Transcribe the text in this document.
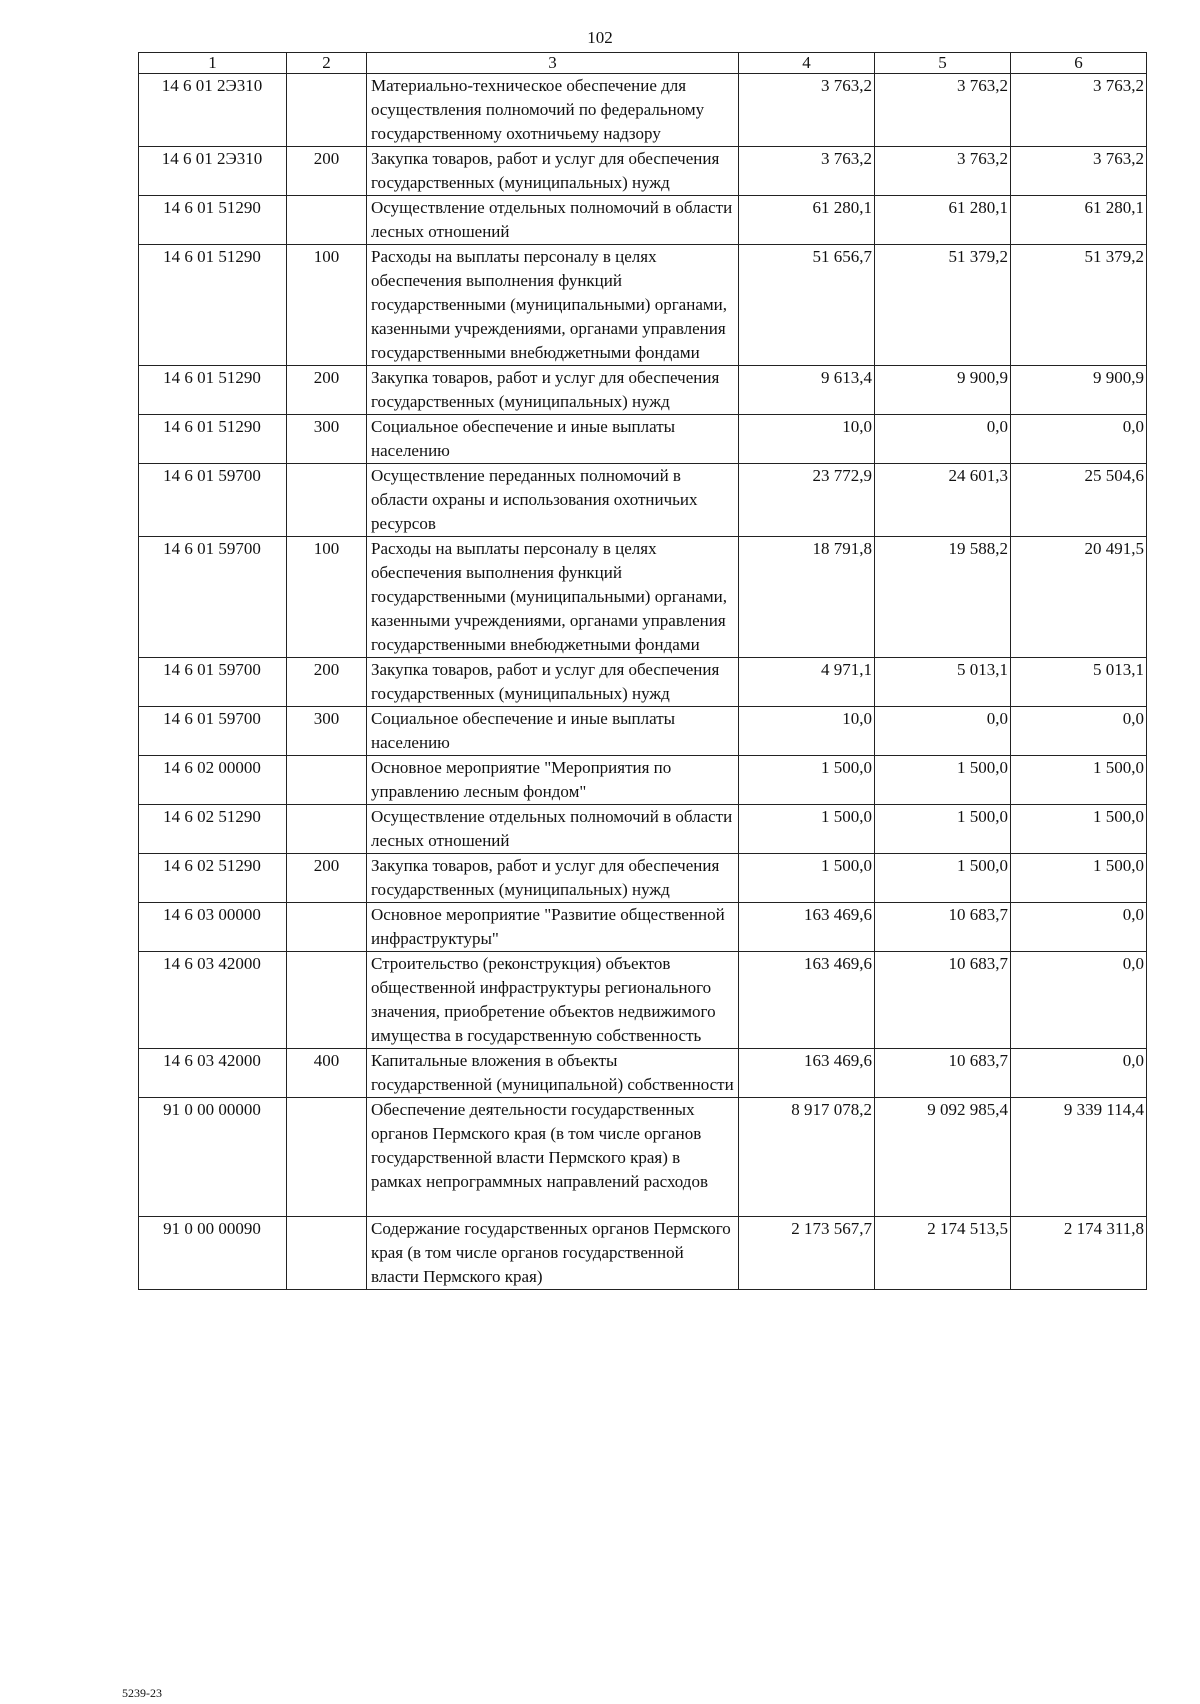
102
1	2	3	4	5	6
14 6 01 2Э310		Материально-техническое обеспечение для осуществления полномочий по федеральному государственному охотничьему надзору	3 763,2	3 763,2	3 763,2
14 6 01 2Э310	200	Закупка товаров, работ и услуг для обеспечения государственных (муниципальных) нужд	3 763,2	3 763,2	3 763,2
14 6 01 51290		Осуществление отдельных полномочий в области лесных отношений	61 280,1	61 280,1	61 280,1
14 6 01 51290	100	Расходы на выплаты персоналу в целях обеспечения выполнения функций государственными (муниципальными) органами, казенными учреждениями, органами управления государственными внебюджетными фондами	51 656,7	51 379,2	51 379,2
14 6 01 51290	200	Закупка товаров, работ и услуг для обеспечения государственных (муниципальных) нужд	9 613,4	9 900,9	9 900,9
14 6 01 51290	300	Социальное обеспечение и иные выплаты населению	10,0	0,0	0,0
14 6 01 59700		Осуществление переданных полномочий в области охраны и использования охотничьих ресурсов	23 772,9	24 601,3	25 504,6
14 6 01 59700	100	Расходы на выплаты персоналу в целях обеспечения выполнения функций государственными (муниципальными) органами, казенными учреждениями, органами управления государственными внебюджетными фондами	18 791,8	19 588,2	20 491,5
14 6 01 59700	200	Закупка товаров, работ и услуг для обеспечения государственных (муниципальных) нужд	4 971,1	5 013,1	5 013,1
14 6 01 59700	300	Социальное обеспечение и иные выплаты населению	10,0	0,0	0,0
14 6 02 00000		Основное мероприятие "Мероприятия по управлению лесным фондом"	1 500,0	1 500,0	1 500,0
14 6 02 51290		Осуществление отдельных полномочий в области лесных отношений	1 500,0	1 500,0	1 500,0
14 6 02 51290	200	Закупка товаров, работ и услуг для обеспечения государственных (муниципальных) нужд	1 500,0	1 500,0	1 500,0
14 6 03 00000		Основное мероприятие "Развитие общественной инфраструктуры"	163 469,6	10 683,7	0,0
14 6 03 42000		Строительство (реконструкция) объектов общественной инфраструктуры регионального значения, приобретение объектов недвижимого имущества в государственную собственность	163 469,6	10 683,7	0,0
14 6 03 42000	400	Капитальные вложения в объекты государственной (муниципальной) собственности	163 469,6	10 683,7	0,0
91 0 00 00000		Обеспечение деятельности государственных органов Пермского края (в том числе органов государственной власти Пермского края) в рамках непрограммных направлений расходов	8 917 078,2	9 092 985,4	9 339 114,4
91 0 00 00090		Содержание государственных органов Пермского края (в том числе органов государственной власти Пермского края)	2 173 567,7	2 174 513,5	2 174 311,8
5239-23
